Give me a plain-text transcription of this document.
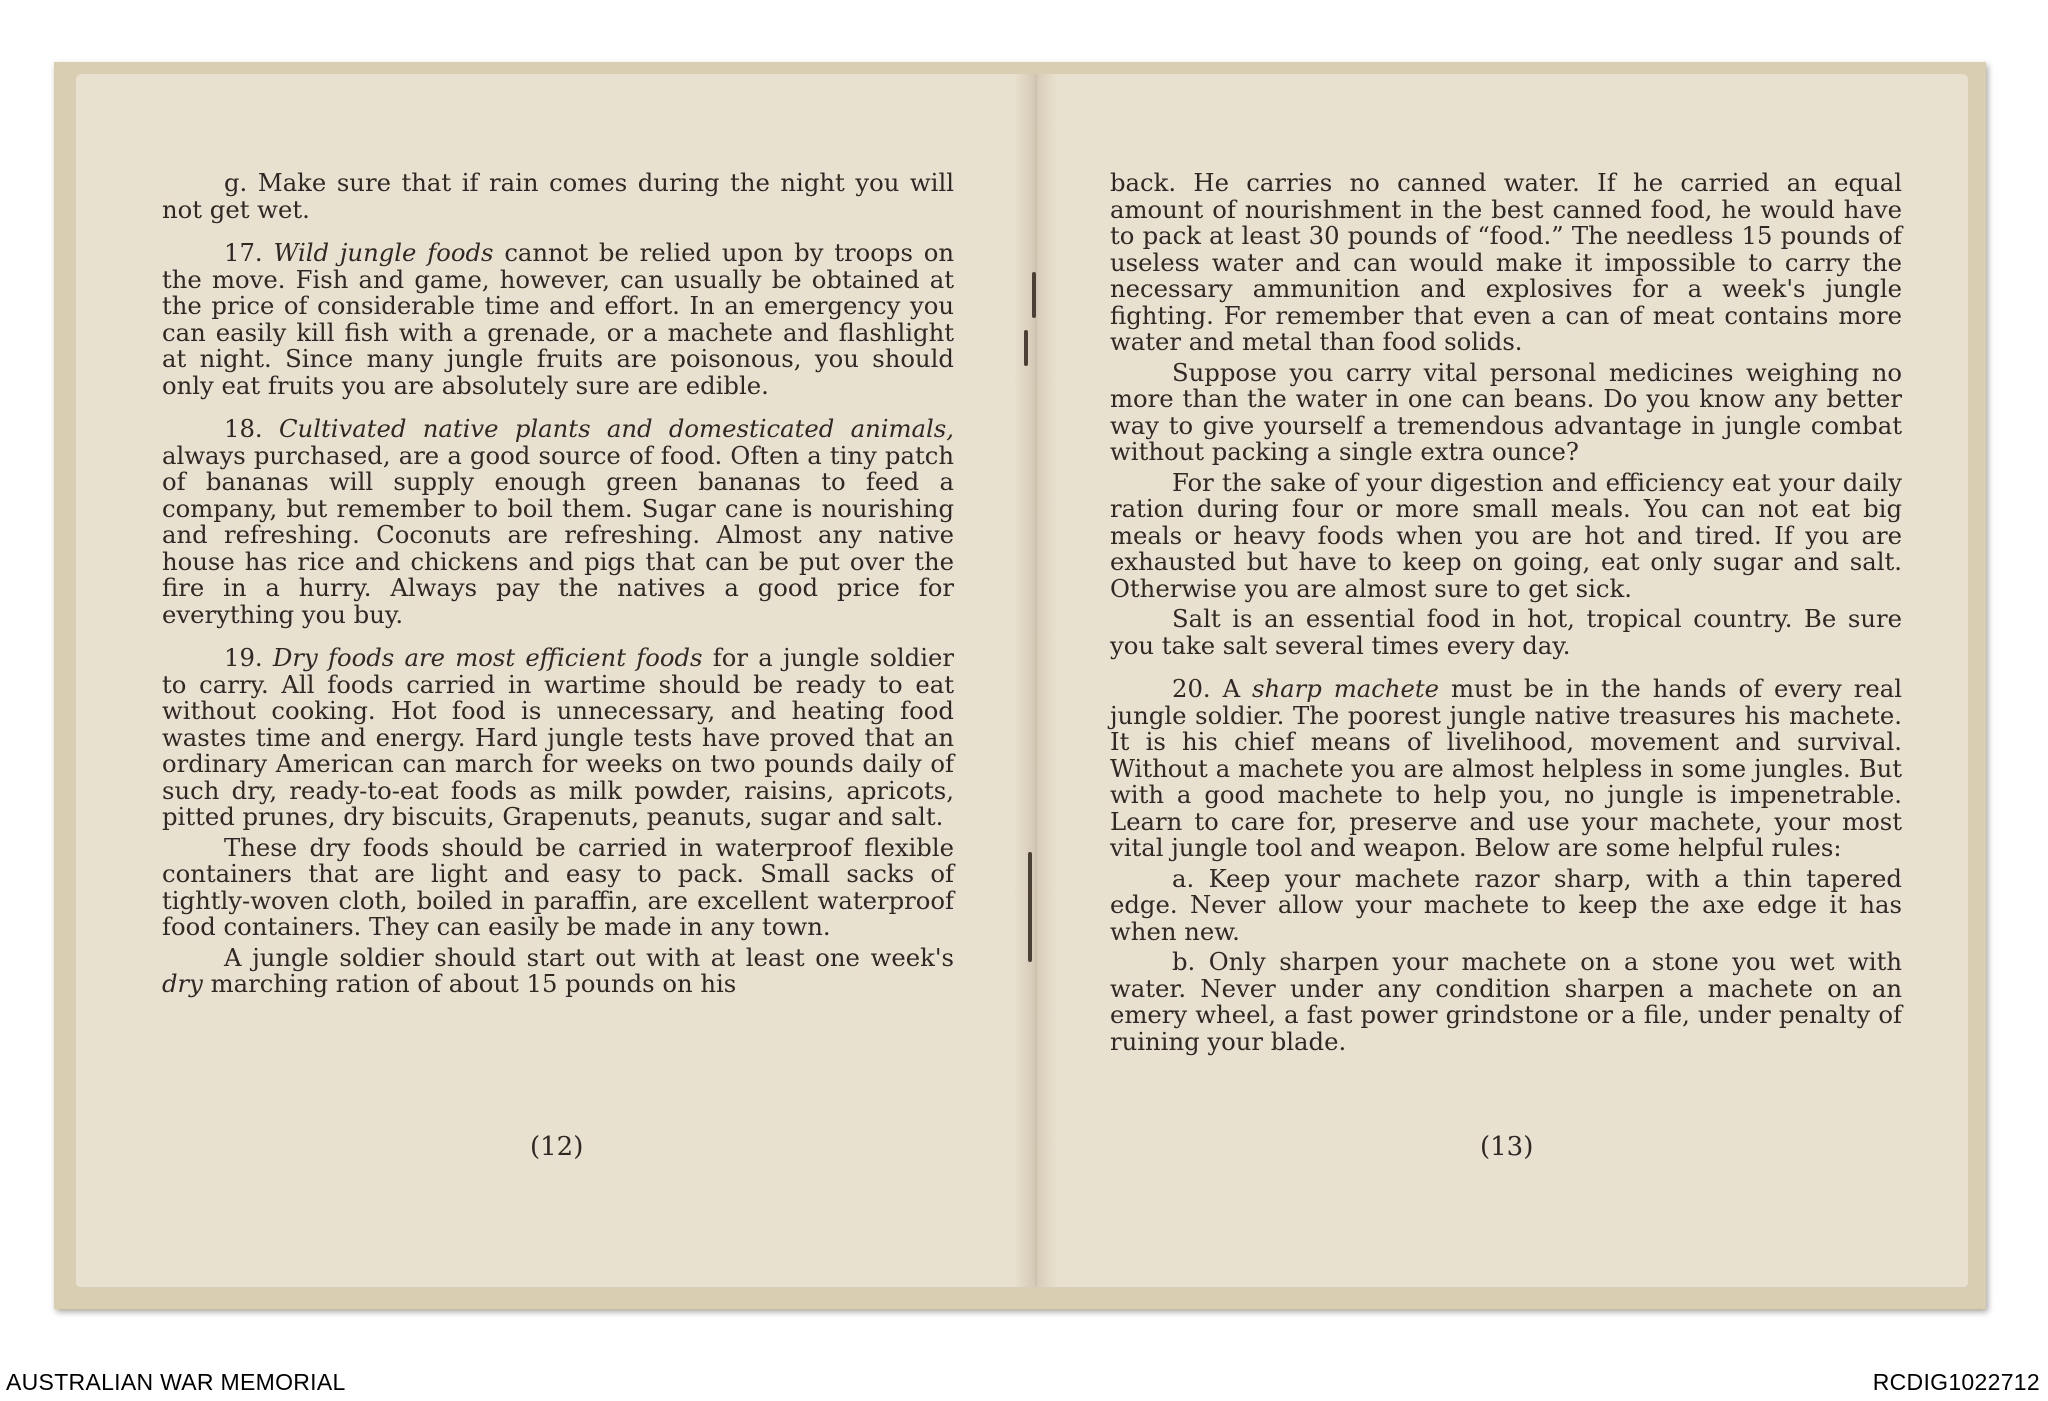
g. Make sure that if rain comes during the night you will not get wet.

17. Wild jungle foods cannot be relied upon by troops on the move. Fish and game, however, can usually be obtained at the price of considerable time and effort. In an emergency you can easily kill fish with a grenade, or a machete and flashlight at night. Since many jungle fruits are poisonous, you should only eat fruits you are absolutely sure are edible.

18. Cultivated native plants and domesticated animals, always purchased, are a good source of food. Often a tiny patch of bananas will supply enough green bananas to feed a company, but remember to boil them. Sugar cane is nourishing and refreshing. Coconuts are refreshing. Almost any native house has rice and chickens and pigs that can be put over the fire in a hurry. Always pay the natives a good price for everything you buy.

19. Dry foods are most efficient foods for a jungle soldier to carry. All foods carried in wartime should be ready to eat without cooking. Hot food is unnecessary, and heating food wastes time and energy. Hard jungle tests have proved that an ordinary American can march for weeks on two pounds daily of such dry, ready-to-eat foods as milk powder, raisins, apricots, pitted prunes, dry biscuits, Grapenuts, peanuts, sugar and salt.

These dry foods should be carried in waterproof flexible containers that are light and easy to pack. Small sacks of tightly-woven cloth, boiled in paraffin, are excellent waterproof food containers. They can easily be made in any town.

A jungle soldier should start out with at least one week's dry marching ration of about 15 pounds on his

back. He carries no canned water. If he carried an equal amount of nourishment in the best canned food, he would have to pack at least 30 pounds of “food.” The needless 15 pounds of useless water and can would make it impossible to carry the necessary ammunition and explosives for a week's jungle fighting. For remember that even a can of meat contains more water and metal than food solids.

Suppose you carry vital personal medicines weighing no more than the water in one can beans. Do you know any better way to give yourself a tremendous advantage in jungle combat without packing a single extra ounce?

For the sake of your digestion and efficiency eat your daily ration during four or more small meals. You can not eat big meals or heavy foods when you are hot and tired. If you are exhausted but have to keep on going, eat only sugar and salt. Otherwise you are almost sure to get sick.

Salt is an essential food in hot, tropical country. Be sure you take salt several times every day.

20. A sharp machete must be in the hands of every real jungle soldier. The poorest jungle native treasures his machete. It is his chief means of livelihood, movement and survival. Without a machete you are almost helpless in some jungles. But with a good machete to help you, no jungle is impenetrable. Learn to care for, preserve and use your machete, your most vital jungle tool and weapon. Below are some helpful rules:

a. Keep your machete razor sharp, with a thin tapered edge. Never allow your machete to keep the axe edge it has when new.

b. Only sharpen your machete on a stone you wet with water. Never under any condition sharpen a machete on an emery wheel, a fast power grindstone or a file, under penalty of ruining your blade.

(12)	(13)
AUSTRALIAN WAR MEMORIAL	RCDIG1022712
